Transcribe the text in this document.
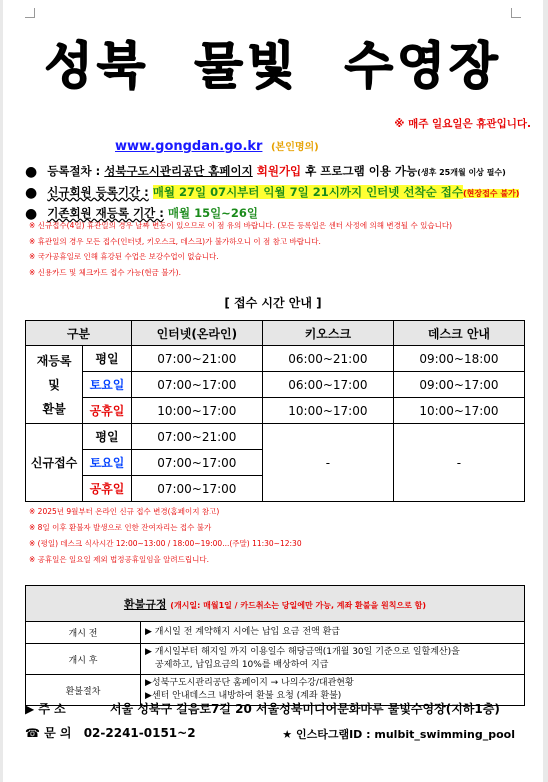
성북 물빛 수영장
※ 매주 일요일은 휴관입니다.
www.gongdan.go.kr (본인명의)
● 등록절차 : 성북구도시관리공단 홈페이지 회원가입 후 프로그램 이용 가능(생후 25개월 이상 필수)
● 신규회원 등록기간 : 매월 27일 07시부터 익월 7일 21시까지 인터넷 선착순 접수(현장접수 불가)
● 기존회원 재등록 기간 : 매월 15일~26일
※ 신규접수(4일) 휴관일의 경우 날짜 변동이 있으므로 이 점 유의 바랍니다. (모든 등록일은 센터 사정에 의해 변경될 수 있습니다)
※ 휴관일의 경우 모든 접수(인터넷, 키오스크, 데스크)가 불가하오니 이 점 참고 바랍니다.
※ 국가공휴일로 인해 휴강된 수업은 보강수업이 없습니다.
※ 신용카드 및 체크카드 접수 가능(현금 불가).
[ 접수 시간 안내 ]
구분		인터넷(온라인)	키오스크	데스크 안내

재등록
및
환불	평일	07:00~21:00	06:00~21:00	09:00~18:00
	토요일	07:00~17:00	06:00~17:00	09:00~17:00
	공휴일	10:00~17:00	10:00~17:00	10:00~17:00
신규접수	평일	07:00~21:00	-	-
	토요일	07:00~17:00		
	공휴일	07:00~17:00		
※ 2025년 9월부터 온라인 신규 접수 변경(홈페이지 참고)
※ 8일 이후 환불자 발생으로 인한 잔여자리는 접수 불가
※ (평일) 데스크 식사시간 12:00~13:00 / 18:00~19:00...(주말) 11:30~12:30
※ 공휴일은 일요일 제외 법정공휴일임을 알려드립니다.
환불규정 (개시일: 매월1일 / 카드취소는 당일에만 가능, 계좌 환불을 원칙으로 함)	
개시 전	▶ 개시일 전 계약해지 시에는 납입 요금 전액 환급

개시 후	▶ 개시일부터 해지일 까지 이용일수 해당금액(1개월 30일 기준으로 일할계산)을
공제하고, 납입요금의 10%를 배상하여 지급

환불절차	▶성북구도시관리공단 홈페이지 → 나의수강/대관현황
▶센터 안내데스크 내방하여 환불 요청 (계좌 환불)
▶ 주 소	서울 성북구 길음로7길 20 서울성북미디어문화마루 물빛수영장(지하1층)
☎ 문 의 02-2241-0151~2	★ 인스타그램ID : mulbit_swimming_pool
